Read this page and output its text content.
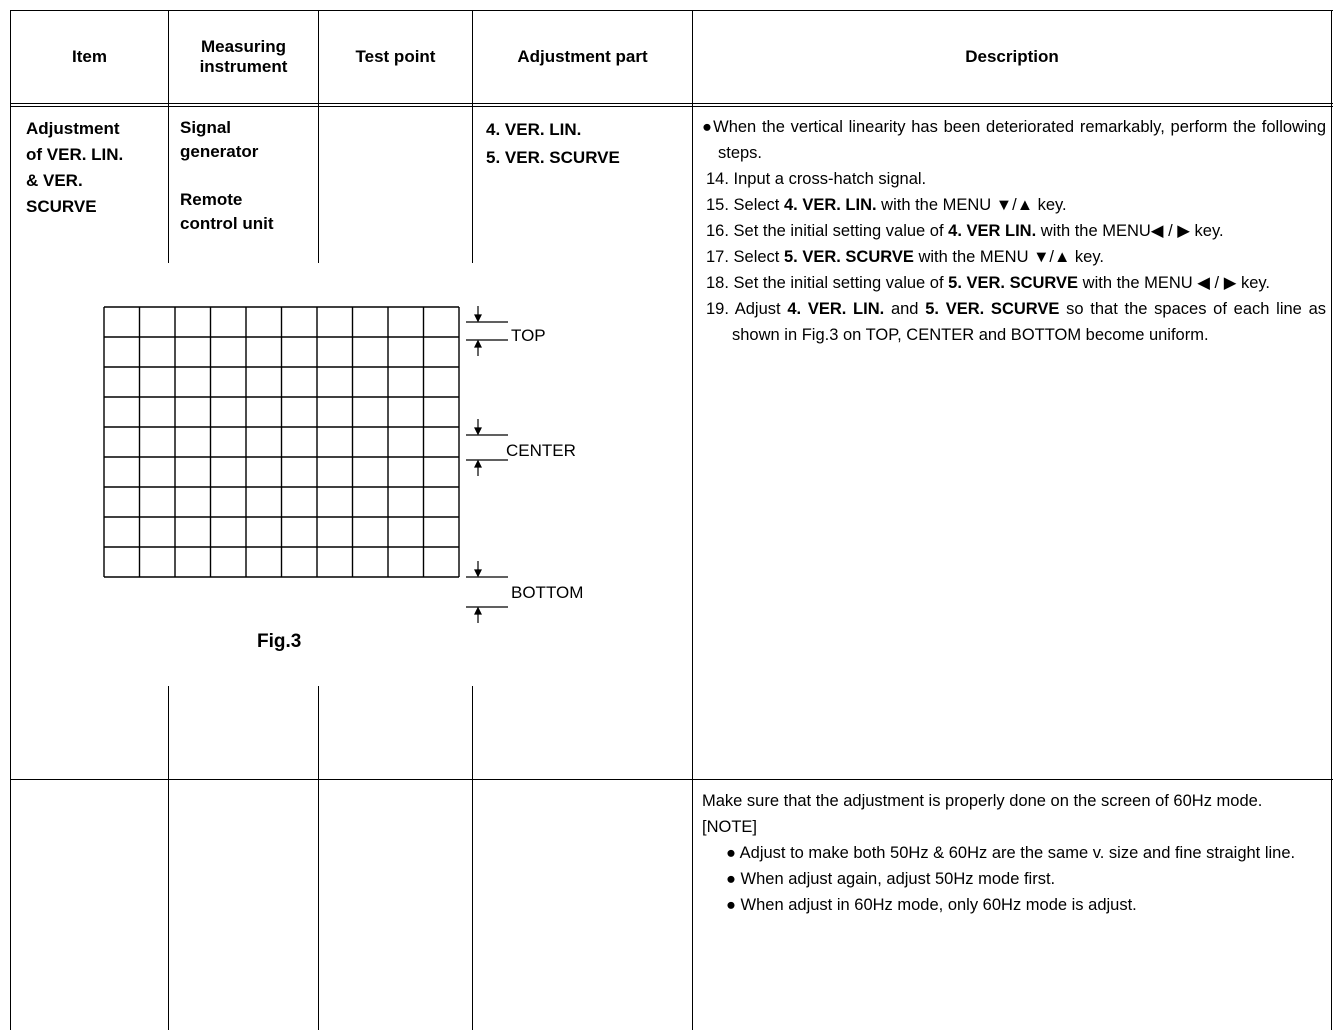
Item
Measuring
instrument
Test point	Adjustment part	Description
Adjustment
of VER. LIN.
& VER.
SCURVE
Signal
generator
Remote
control unit
4. VER. LIN.
5. VER. SCURVE

●When the vertical linearity has been deteriorated remarkably, perform the following steps.

14. Input a cross-hatch signal.

15. Select 4. VER. LIN. with the MENU ▼/▲ key.

16. Set the initial setting value of 4. VER LIN. with the MENU◀ / ▶ key.

17. Select 5. VER. SCURVE with the MENU ▼/▲ key.

18. Set the initial setting value of 5. VER. SCURVE with the MENU ◀ / ▶ key.

19. Adjust 4. VER. LIN. and 5. VER. SCURVE so that the spaces of each line as shown in Fig.3 on TOP, CENTER and BOTTOM become uniform.

TOP
CENTER
BOTTOM
Fig.3

Make sure that the adjustment is properly done on the screen of 60Hz mode.

[NOTE]

● Adjust to make both 50Hz & 60Hz are the same v. size and fine straight line.

● When adjust again, adjust 50Hz mode first.

● When adjust in 60Hz mode, only 60Hz mode is adjust.
